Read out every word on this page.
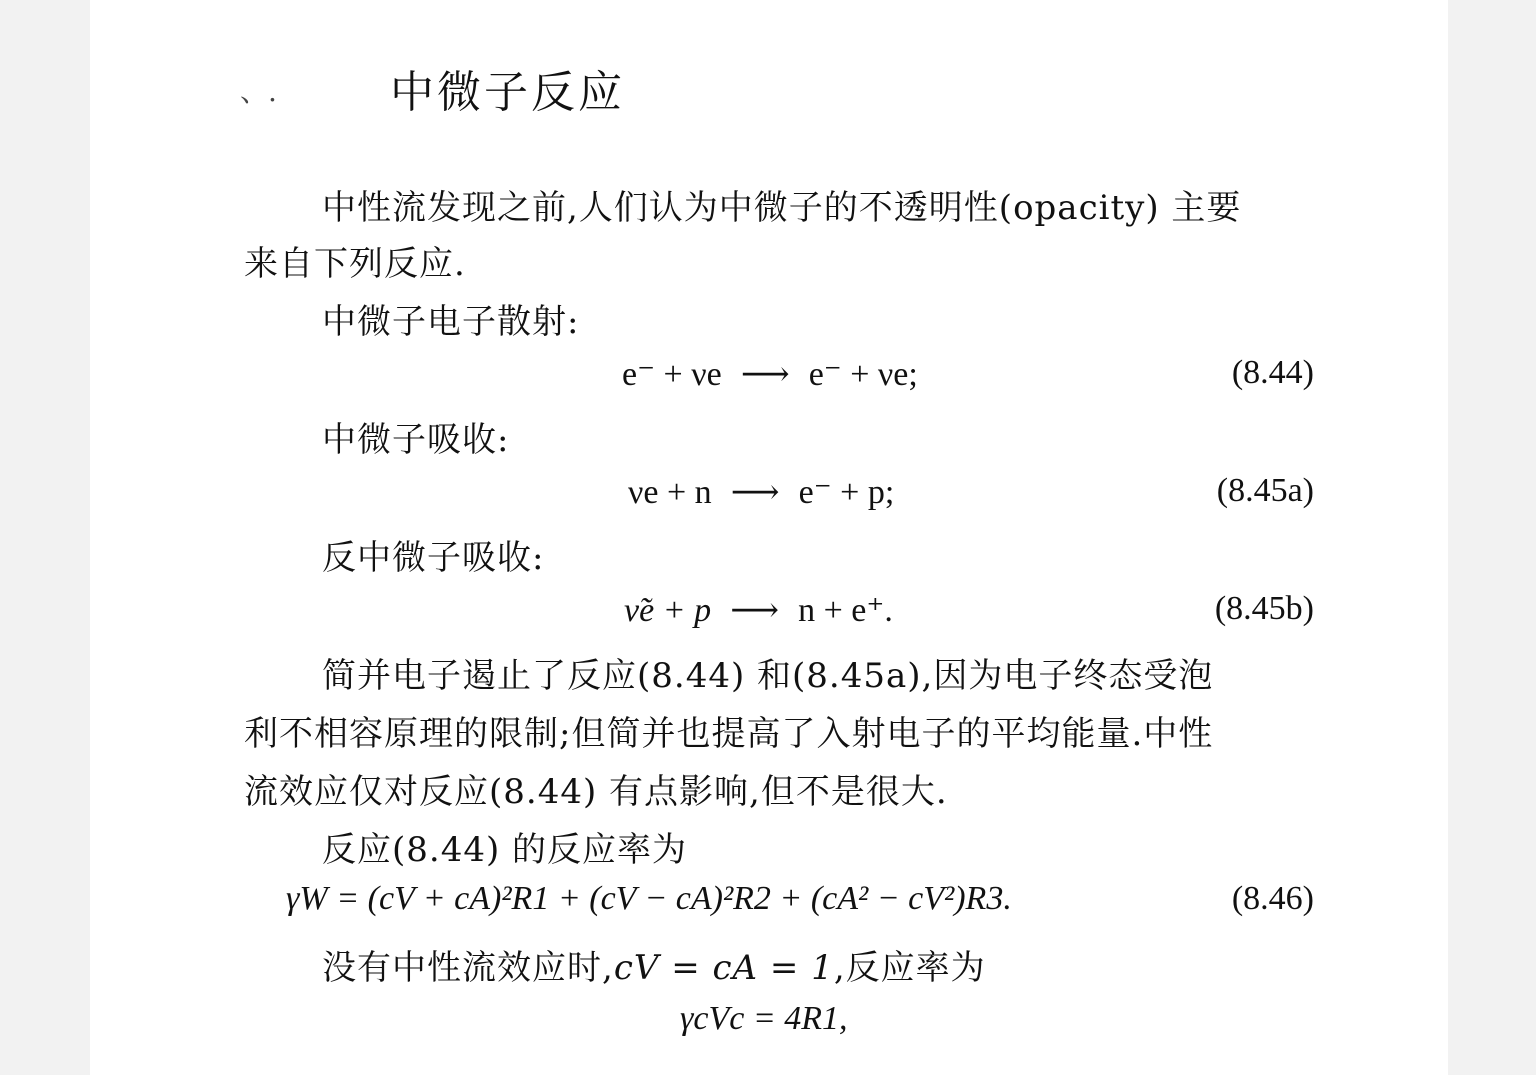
、.	中微子反应
中性流发现之前,人们认为中微子的不透明性(opacity) 主要
来自下列反应.
中微子电子散射:
e⁻ + νe ⟶ e⁻ + νe;	(8.44)
中微子吸收:
νe + n ⟶ e⁻ + p;	(8.45a)
反中微子吸收:
ν̃e + p ⟶ n + e⁺.	(8.45b)
简并电子遏止了反应(8.44) 和(8.45a),因为电子终态受泡
利不相容原理的限制;但简并也提高了入射电子的平均能量.中性
流效应仅对反应(8.44) 有点影响,但不是很大.
反应(8.44) 的反应率为
γW = (cV + cA)²R1 + (cV − cA)²R2 + (cA² − cV²)R3.	(8.46)
没有中性流效应时,cV = cA = 1,反应率为
γcVc = 4R1,
